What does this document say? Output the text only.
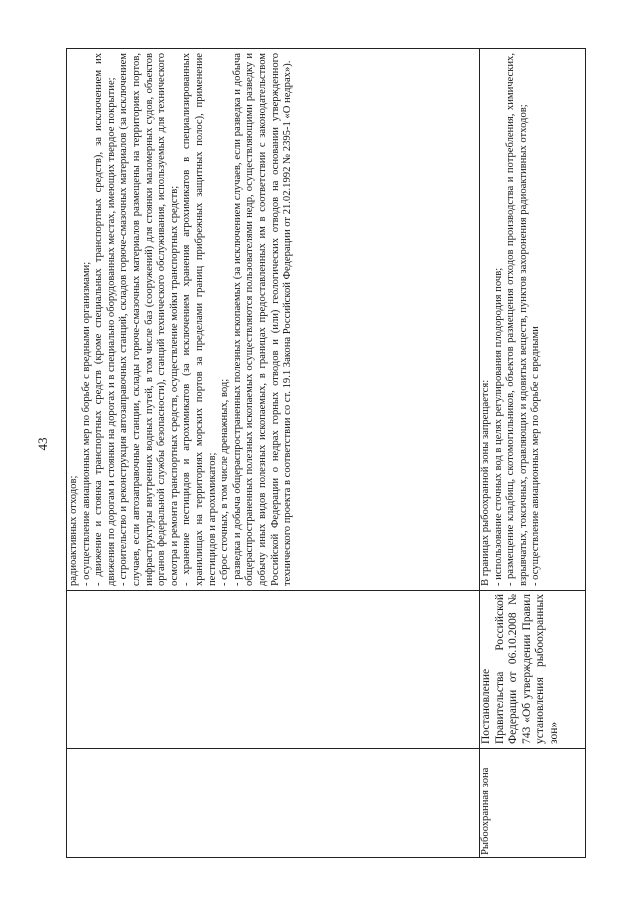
43

радиоактивных отходов; - осуществление авиационных мер по борьбе с вредными организмами; - движение и стоянка транспортных средств (кроме специальных транспортных средств), за исключением их движения по дорогам и стоянки на дорогах и в специально оборудованных местах, имеющих твердое покрытие; - строительство и реконструкция автозаправочных станций, складов горюче-смазочных материалов (за исключением случаев, если автозаправочные станции, склады горюче-смазочных материалов размещены на территориях портов, инфраструктуры внутренних водных путей, в том числе баз (сооружений) для стоянки маломерных судов, объектов органов федеральной службы безопасности), станций технического обслуживания, используемых для технического осмотра и ремонта транспортных средств, осуществление мойки транспортных средств; - хранение пестицидов и агрохимикатов (за исключением хранения агрохимикатов в специализированных хранилищах на территориях морских портов за пределами границ прибрежных защитных полос), применение пестицидов и агрохимикатов; - сброс сточных, в том числе дренажных, вод; - разведка и добыча общераспространенных полезных ископаемых (за исключением случаев, если разведка и добыча общераспространенных полезных ископаемых осуществляются пользователями недр, осуществляющими разведку и добычу иных видов полезных ископаемых, в границах предоставленных им в соответствии с законодательством Российской Федерации о недрах горных отводов и (или) геологических отводов на основании утвержденного технического проекта в соответствии со ст. 19.1 Закона Российской Федерации от 21.02.1992 № 2395-1 «О недрах»).

Рыбоохранная зона

В границах рыбоохранной зоны запрещается: - использование сточных вод в целях регулирования плодородия почв; - размещение кладбищ, скотомогильников, объектов размещения отходов производства и потребления, химических, взрывчатых, токсичных, отравляющих и ядовитых веществ, пунктов захоронения радиоактивных отходов; - осуществление авиационных мер по борьбе с вредными

Постановление Правительства Российской Федерации от 06.10.2008 № 743 «Об утверждении Правил установления рыбоохранных зон»
